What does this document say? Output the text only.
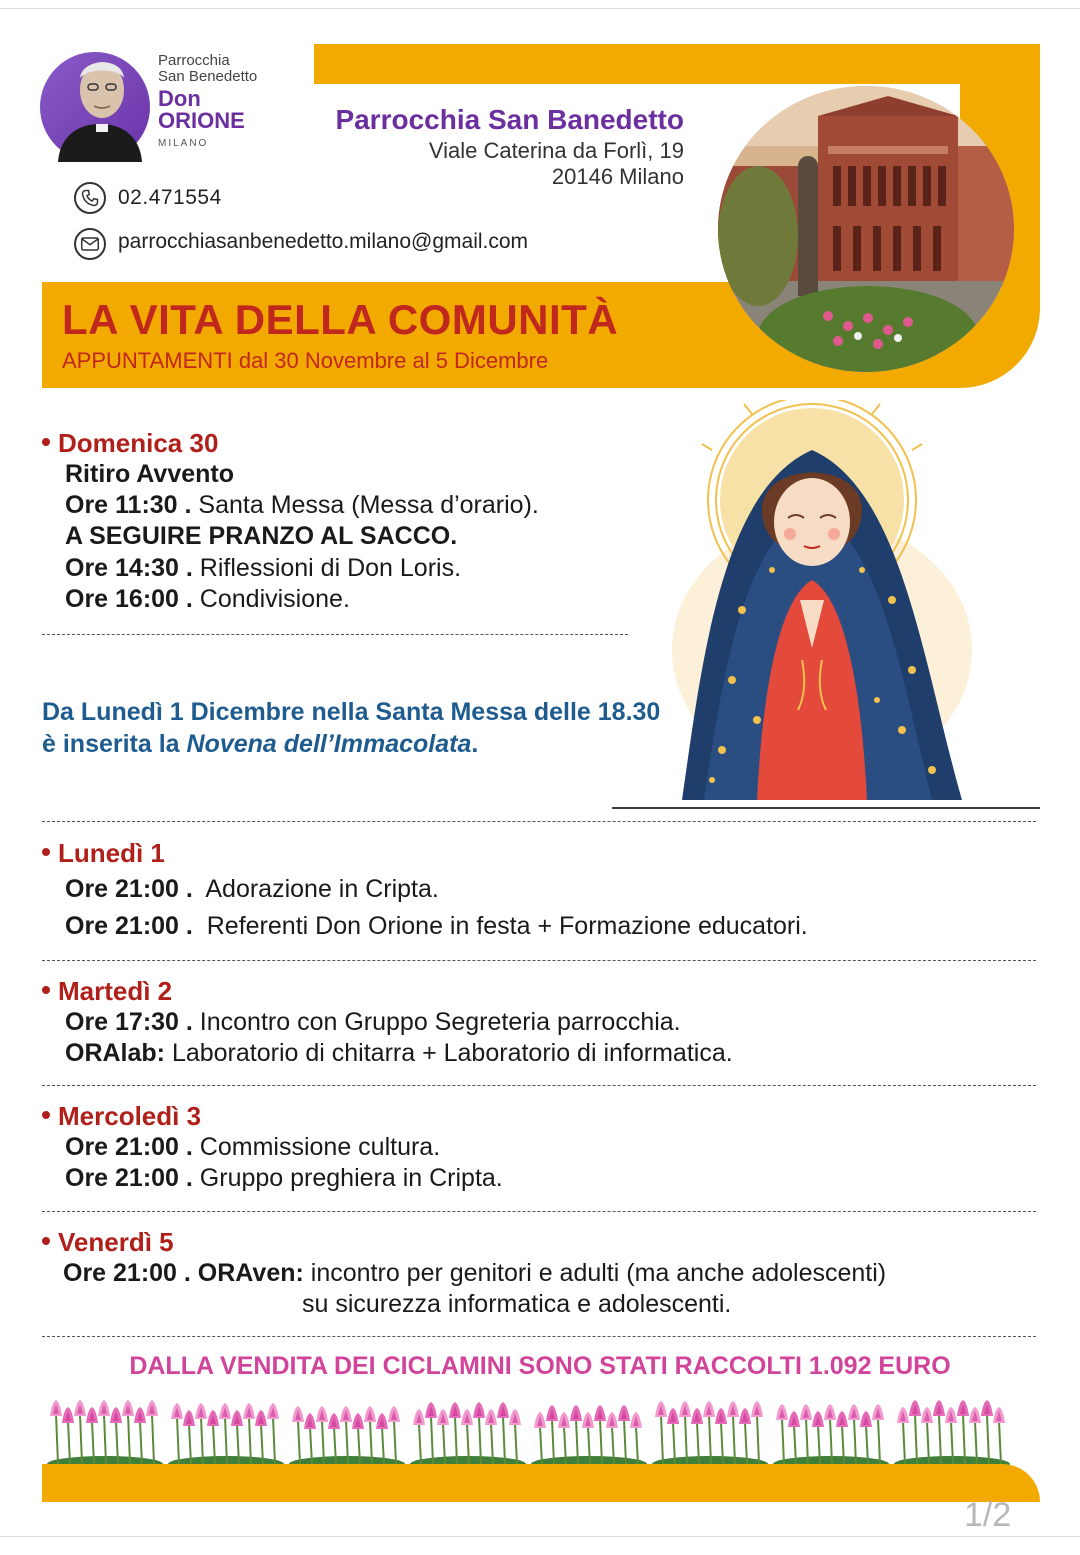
Parrocchia
San Benedetto
Don
ORIONE
MILANO
Parrocchia San Banedetto
Viale Caterina da Forlì, 19
20146 Milano
02.471554
parrocchiasanbenedetto.milano@gmail.com
LA VITA DELLA COMUNITÀ
APPUNTAMENTI dal 30 Novembre al 5 Dicembre
Domenica 30
Ritiro Avvento
Ore 11:30 . Santa Messa (Messa d’orario).
A SEGUIRE PRANZO AL SACCO.
Ore 14:30 . Riflessioni di Don Loris.
Ore 16:00 . Condivisione.
Da Lunedì 1 Dicembre nella Santa Messa delle 18.30
è inserita la Novena dell’Immacolata.
Lunedì 1
Ore 21:00 .  Adorazione in Cripta.
Ore 21:00 .  Referenti Don Orione in festa + Formazione educatori.
Martedì 2
Ore 17:30 . Incontro con Gruppo Segreteria parrocchia.
ORAlab: Laboratorio di chitarra + Laboratorio di informatica.
Mercoledì 3
Ore 21:00 . Commissione cultura.
Ore 21:00 . Gruppo preghiera in Cripta.
Venerdì 5
Ore 21:00 . ORAven: incontro per genitori e adulti (ma anche adolescenti)
su sicurezza informatica e adolescenti.
DALLA VENDITA DEI CICLAMINI SONO STATI RACCOLTI 1.092 EURO
1/2
